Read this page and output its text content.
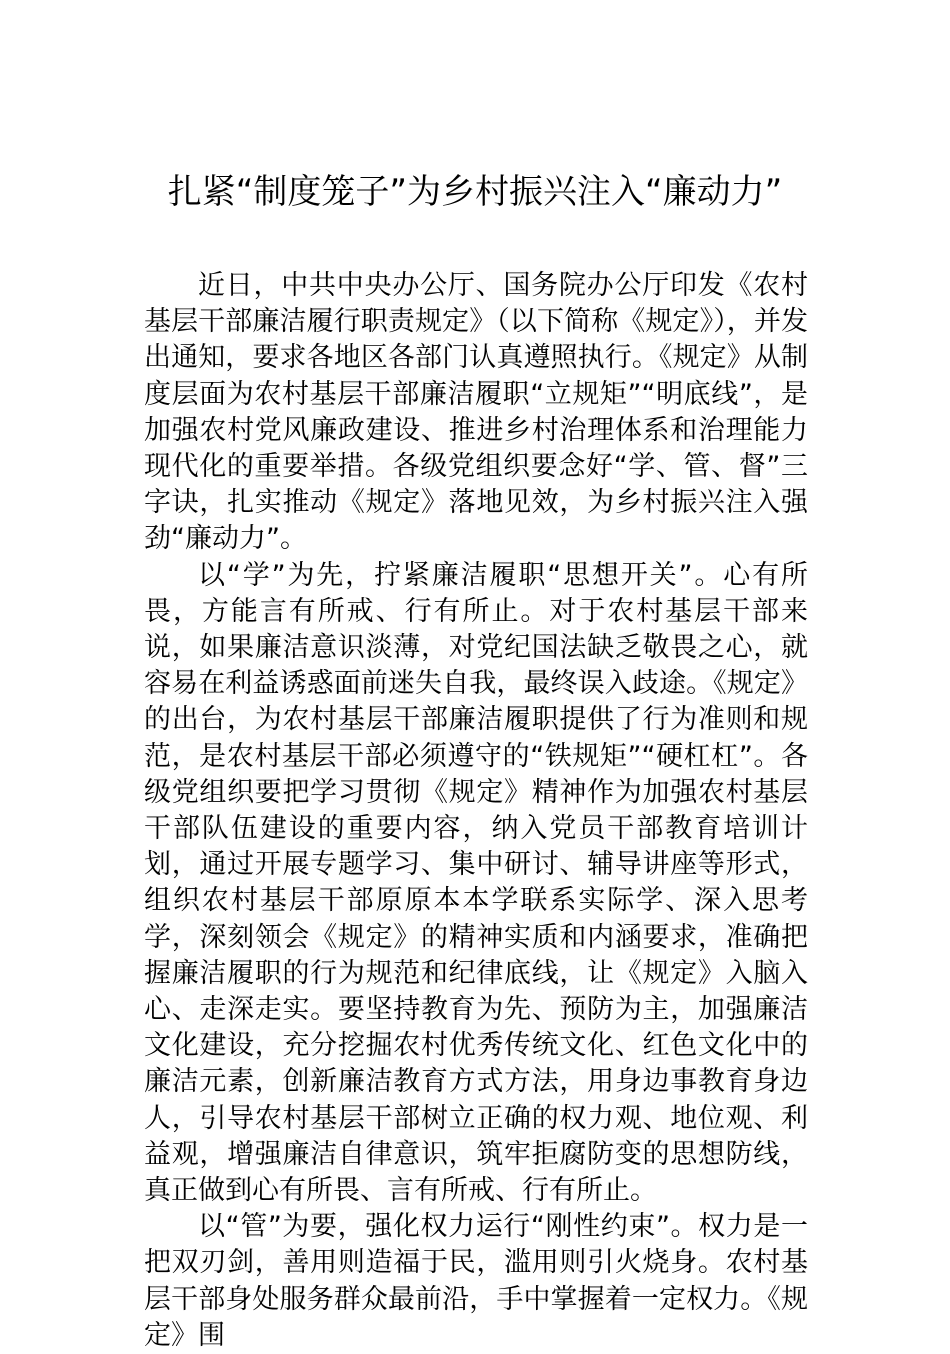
扎紧“制度笼子”为乡村振兴注入“廉动力”

近日，中共中央办公厅、国务院办公厅印发《农村基层干部廉洁履行职责规定》（以下简称《规定》），并发出通知，要求各地区各部门认真遵照执行。《规定》从制度层面为农村基层干部廉洁履职“立规矩”“明底线”，是加强农村党风廉政建设、推进乡村治理体系和治理能力现代化的重要举措。各级党组织要念好“学、管、督”三字诀，扎实推动《规定》落地见效，为乡村振兴注入强劲“廉动力”。

以“学”为先，拧紧廉洁履职“思想开关”。心有所畏，方能言有所戒、行有所止。对于农村基层干部来说，如果廉洁意识淡薄，对党纪国法缺乏敬畏之心，就容易在利益诱惑面前迷失自我，最终误入歧途。《规定》的出台，为农村基层干部廉洁履职提供了行为准则和规范，是农村基层干部必须遵守的“铁规矩”“硬杠杠”。各级党组织要把学习贯彻《规定》精神作为加强农村基层干部队伍建设的重要内容，纳入党员干部教育培训计划，通过开展专题学习、集中研讨、辅导讲座等形式，组织农村基层干部原原本本学联系实际学、深入思考学，深刻领会《规定》的精神实质和内涵要求，准确把握廉洁履职的行为规范和纪律底线，让《规定》入脑入心、走深走实。要坚持教育为先、预防为主，加强廉洁文化建设，充分挖掘农村优秀传统文化、红色文化中的廉洁元素，创新廉洁教育方式方法，用身边事教育身边人，引导农村基层干部树立正确的权力观、地位观、利益观，增强廉洁自律意识，筑牢拒腐防变的思想防线，真正做到心有所畏、言有所戒、行有所止。

以“管”为要，强化权力运行“刚性约束”。权力是一把双刃剑，善用则造福于民，滥用则引火烧身。农村基层干部身处服务群众最前沿，手中掌握着一定权力。《规定》围
